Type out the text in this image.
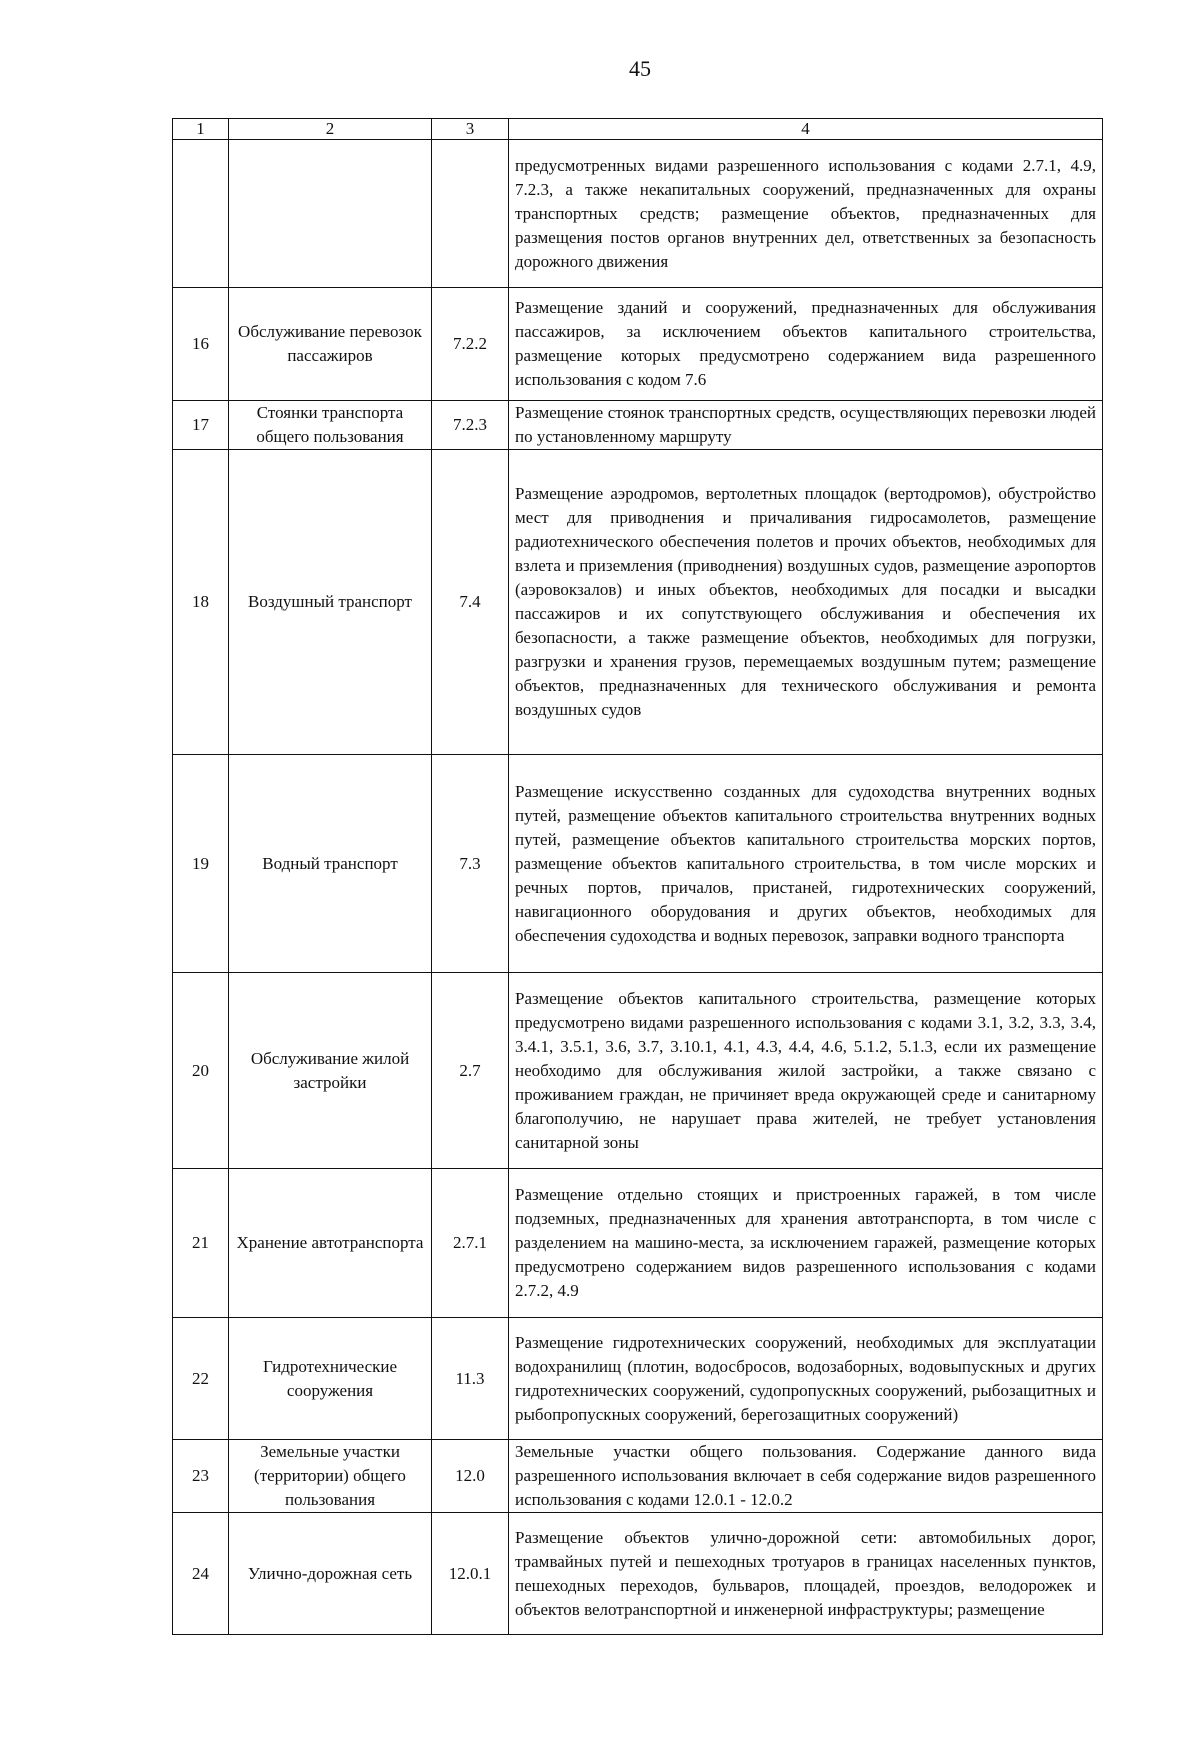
45
1	2	3	4
			предусмотренных видами разрешенного использования с кодами 2.7.1, 4.9, 7.2.3, а также некапитальных сооружений, предназначенных для охраны транспортных средств; размещение объектов, предназначенных для размещения постов органов внутренних дел, ответственных за безопасность дорожного движения
16	Обслуживание перевозок пассажиров	7.2.2	Размещение зданий и сооружений, предназначенных для обслуживания пассажиров, за исключением объектов капитального строительства, размещение которых предусмотрено содержанием вида разрешенного использования с кодом 7.6
17	Стоянки транспорта общего пользования	7.2.3	Размещение стоянок транспортных средств, осуществляющих перевозки людей по установленному маршруту
18	Воздушный транспорт	7.4	Размещение аэродромов, вертолетных площадок (вертодромов), обустройство мест для приводнения и причаливания гидросамолетов, размещение радиотехнического обеспечения полетов и прочих объектов, необходимых для взлета и приземления (приводнения) воздушных судов, размещение аэропортов (аэровокзалов) и иных объектов, необходимых для посадки и высадки пассажиров и их сопутствующего обслуживания и обеспечения их безопасности, а также размещение объектов, необходимых для погрузки, разгрузки и хранения грузов, перемещаемых воздушным путем; размещение объектов, предназначенных для технического обслуживания и ремонта воздушных судов
19	Водный транспорт	7.3	Размещение искусственно созданных для судоходства внутренних водных путей, размещение объектов капитального строительства внутренних водных путей, размещение объектов капитального строительства морских портов, размещение объектов капитального строительства, в том числе морских и речных портов, причалов, пристаней, гидротехнических сооружений, навигационного оборудования и других объектов, необходимых для обеспечения судоходства и водных перевозок, заправки водного транспорта
20	Обслуживание жилой застройки	2.7	Размещение объектов капитального строительства, размещение которых предусмотрено видами разрешенного использования с кодами 3.1, 3.2, 3.3, 3.4, 3.4.1, 3.5.1, 3.6, 3.7, 3.10.1, 4.1, 4.3, 4.4, 4.6, 5.1.2, 5.1.3, если их размещение необходимо для обслуживания жилой застройки, а также связано с проживанием граждан, не причиняет вреда окружающей среде и санитарному благополучию, не нарушает права жителей, не требует установления санитарной зоны
21	Хранение автотранспорта	2.7.1	Размещение отдельно стоящих и пристроенных гаражей, в том числе подземных, предназначенных для хранения автотранспорта, в том числе с разделением на машино-места, за исключением гаражей, размещение которых предусмотрено содержанием видов разрешенного использования с кодами 2.7.2, 4.9
22	Гидротехнические сооружения	11.3	Размещение гидротехнических сооружений, необходимых для эксплуатации водохранилищ (плотин, водосбросов, водозаборных, водовыпускных и других гидротехнических сооружений, судопропускных сооружений, рыбозащитных и рыбопропускных сооружений, берегозащитных сооружений)
23	Земельные участки (территории) общего пользования	12.0	Земельные участки общего пользования. Содержание данного вида разрешенного использования включает в себя содержание видов разрешенного использования с кодами 12.0.1 - 12.0.2
24	Улично-дорожная сеть	12.0.1	Размещение объектов улично-дорожной сети: автомобильных дорог, трамвайных путей и пешеходных тротуаров в границах населенных пунктов, пешеходных переходов, бульваров, площадей, проездов, велодорожек и объектов велотранспортной и инженерной инфраструктуры; размещение
